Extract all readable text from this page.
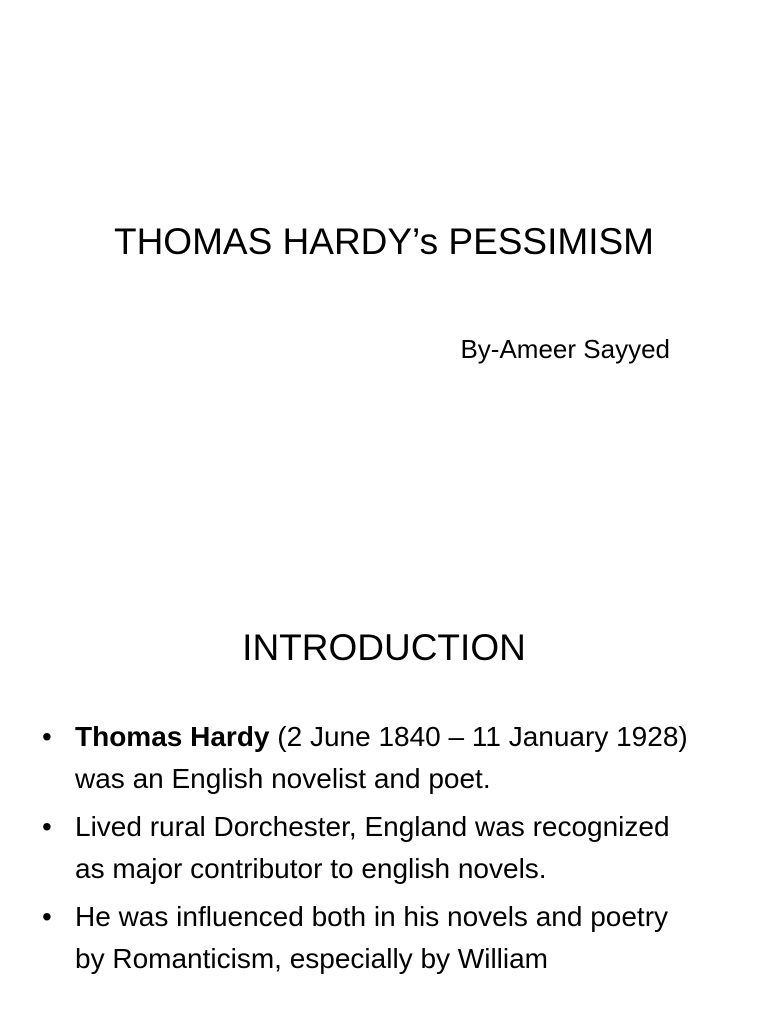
THOMAS HARDY’s PESSIMISM
By-Ameer Sayyed
INTRODUCTION
• Thomas Hardy (2 June 1840 – 11 January 1928) was an English novelist and poet.
• Lived rural Dorchester, England was recognized as major contributor to english novels.
• He was influenced both in his novels and poetry by Romanticism, especially by William
